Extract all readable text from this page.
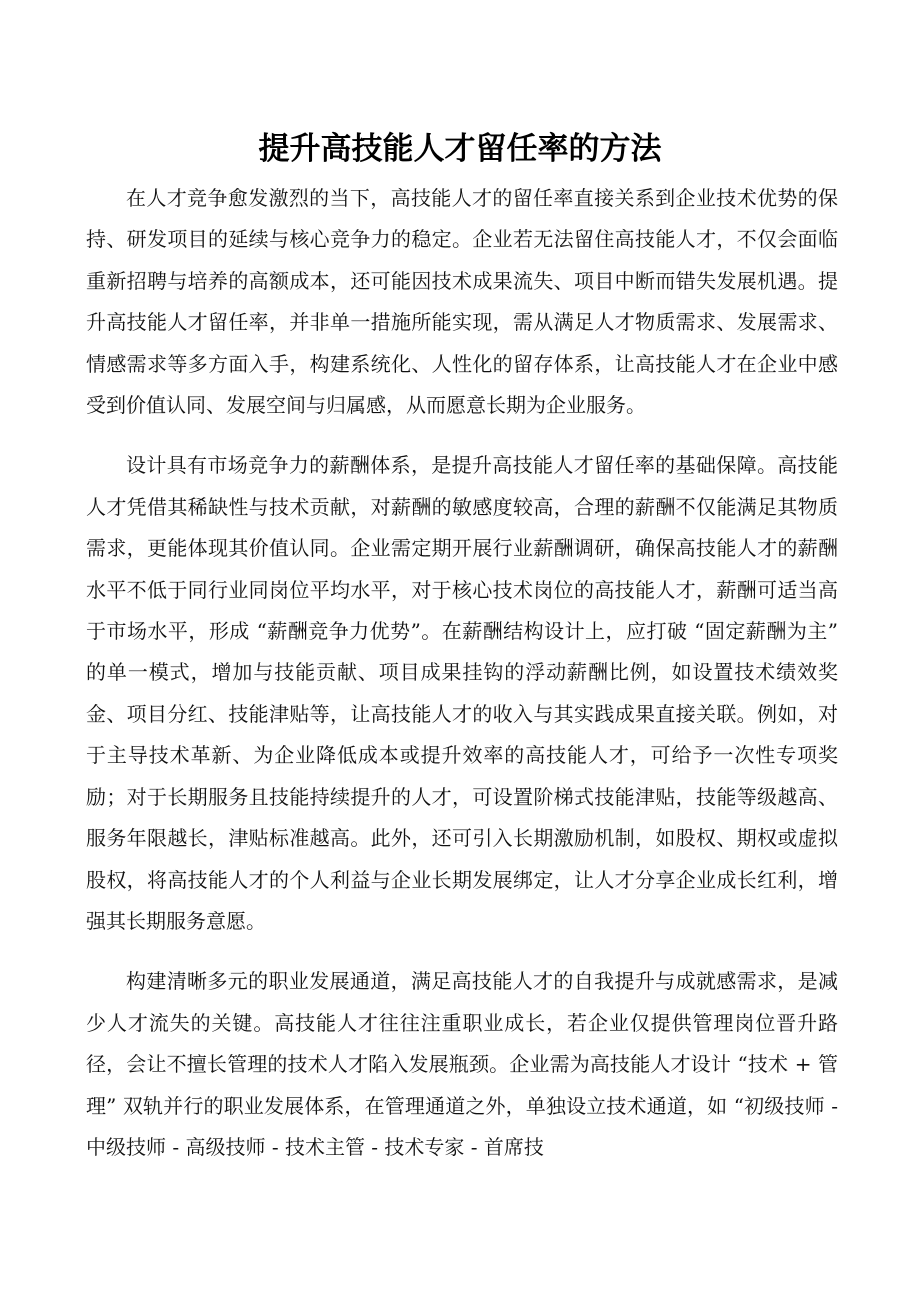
提升高技能人才留任率的方法

在人才竞争愈发激烈的当下，高技能人才的留任率直接关系到企业技术优势的保持、研发项目的延续与核心竞争力的稳定。企业若无法留住高技能人才，不仅会面临重新招聘与培养的高额成本，还可能因技术成果流失、项目中断而错失发展机遇。提升高技能人才留任率，并非单一措施所能实现，需从满足人才物质需求、发展需求、情感需求等多方面入手，构建系统化、人性化的留存体系，让高技能人才在企业中感受到价值认同、发展空间与归属感，从而愿意长期为企业服务。

设计具有市场竞争力的薪酬体系，是提升高技能人才留任率的基础保障。高技能人才凭借其稀缺性与技术贡献，对薪酬的敏感度较高，合理的薪酬不仅能满足其物质需求，更能体现其价值认同。企业需定期开展行业薪酬调研，确保高技能人才的薪酬水平不低于同行业同岗位平均水平，对于核心技术岗位的高技能人才，薪酬可适当高于市场水平，形成 “薪酬竞争力优势”。在薪酬结构设计上，应打破 “固定薪酬为主” 的单一模式，增加与技能贡献、项目成果挂钩的浮动薪酬比例，如设置技术绩效奖金、项目分红、技能津贴等，让高技能人才的收入与其实践成果直接关联。例如，对于主导技术革新、为企业降低成本或提升效率的高技能人才，可给予一次性专项奖励；对于长期服务且技能持续提升的人才，可设置阶梯式技能津贴，技能等级越高、服务年限越长，津贴标准越高。此外，还可引入长期激励机制，如股权、期权或虚拟股权，将高技能人才的个人利益与企业长期发展绑定，让人才分享企业成长红利，增强其长期服务意愿。

构建清晰多元的职业发展通道，满足高技能人才的自我提升与成就感需求，是减少人才流失的关键。高技能人才往往注重职业成长，若企业仅提供管理岗位晋升路径，会让不擅长管理的技术人才陷入发展瓶颈。企业需为高技能人才设计 “技术 + 管理” 双轨并行的职业发展体系，在管理通道之外，单独设立技术通道，如 “初级技师 - 中级技师 - 高级技师 - 技术主管 - 技术专家 - 首席技
